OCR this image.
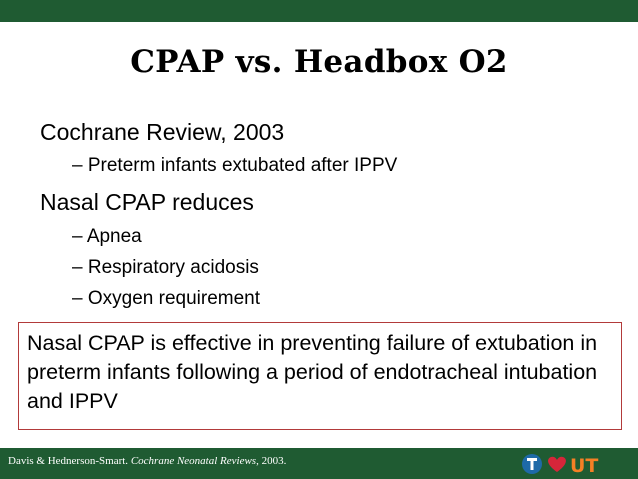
CPAP vs. Headbox O2
Cochrane Review, 2003
– Preterm infants extubated after IPPV
Nasal CPAP reduces
– Apnea
– Respiratory acidosis
– Oxygen requirement
Nasal CPAP is effective in preventing failure of extubation in preterm infants following a period of endotracheal intubation and IPPV
Davis & Hednerson-Smart. Cochrane Neonatal Reviews, 2003.	UT
